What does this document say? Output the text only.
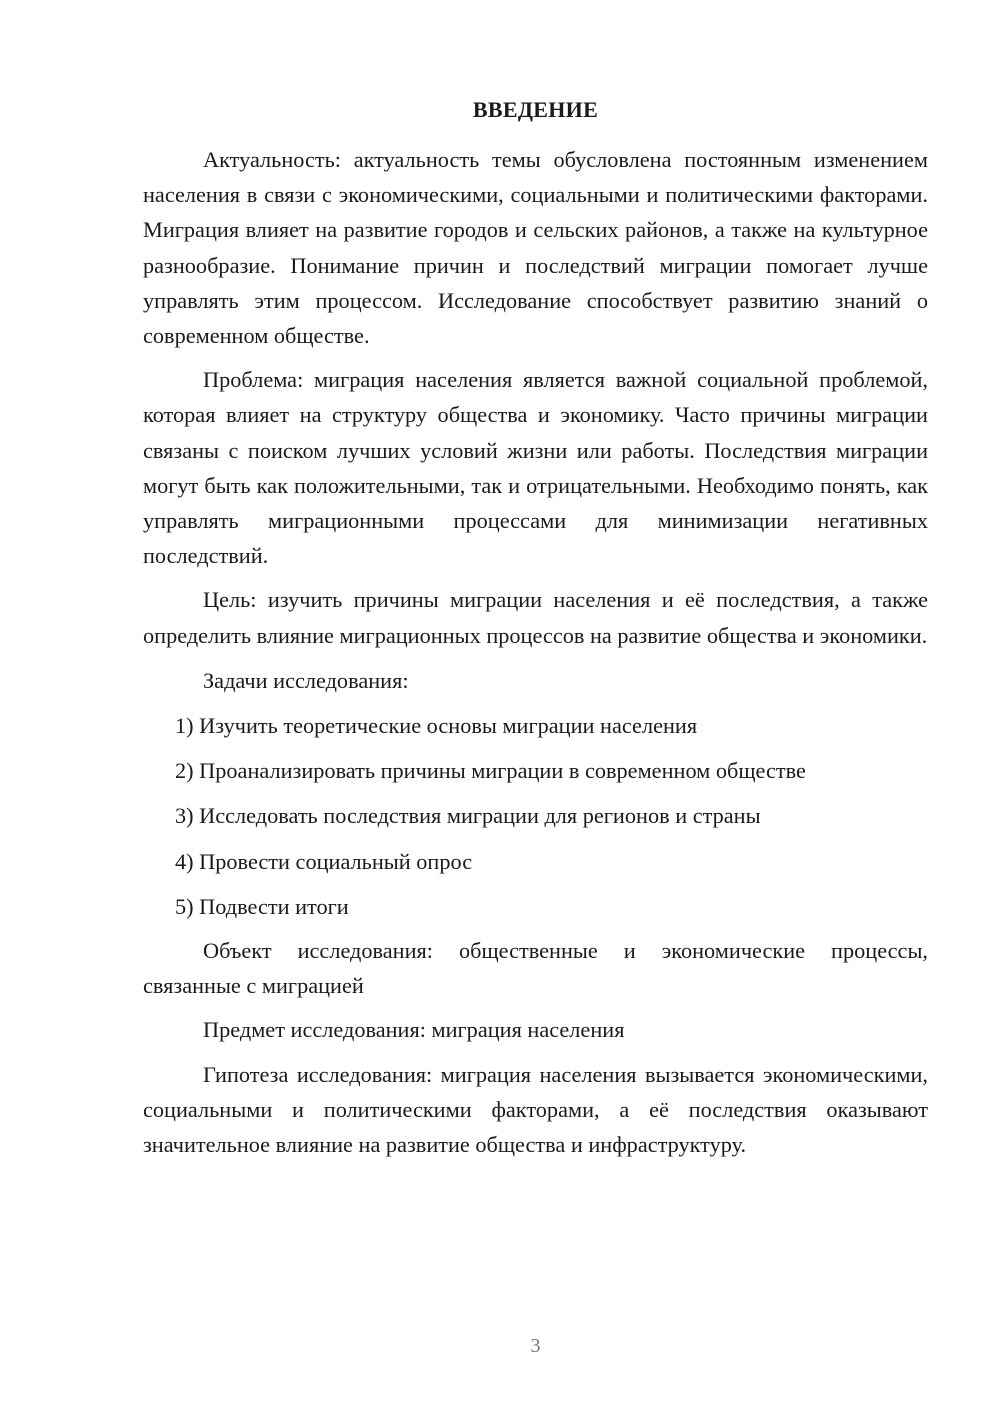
ВВЕДЕНИЕ

Актуальность: актуальность темы обусловлена постоянным изменением населения в связи с экономическими, социальными и политическими факторами. Миграция влияет на развитие городов и сельских районов, а также на культурное разнообразие. Понимание причин и последствий миграции помогает лучше управлять этим процессом. Исследование способствует развитию знаний о современном обществе.

Проблема: миграция населения является важной социальной проблемой, которая влияет на структуру общества и экономику. Часто причины миграции связаны с поиском лучших условий жизни или работы. Последствия миграции могут быть как положительными, так и отрицательными. Необходимо понять, как управлять миграционными процессами для минимизации негативных последствий.

Цель: изучить причины миграции населения и её последствия, а также определить влияние миграционных процессов на развитие общества и экономики.

Задачи исследования:

1) Изучить теоретические основы миграции населения

2) Проанализировать причины миграции в современном обществе

3) Исследовать последствия миграции для регионов и страны

4) Провести социальный опрос

5) Подвести итоги

Объект исследования: общественные и экономические процессы, связанные с миграцией

Предмет исследования: миграция населения

Гипотеза исследования: миграция населения вызывается экономическими, социальными и политическими факторами, а её последствия оказывают значительное влияние на развитие общества и инфраструктуру.

3
